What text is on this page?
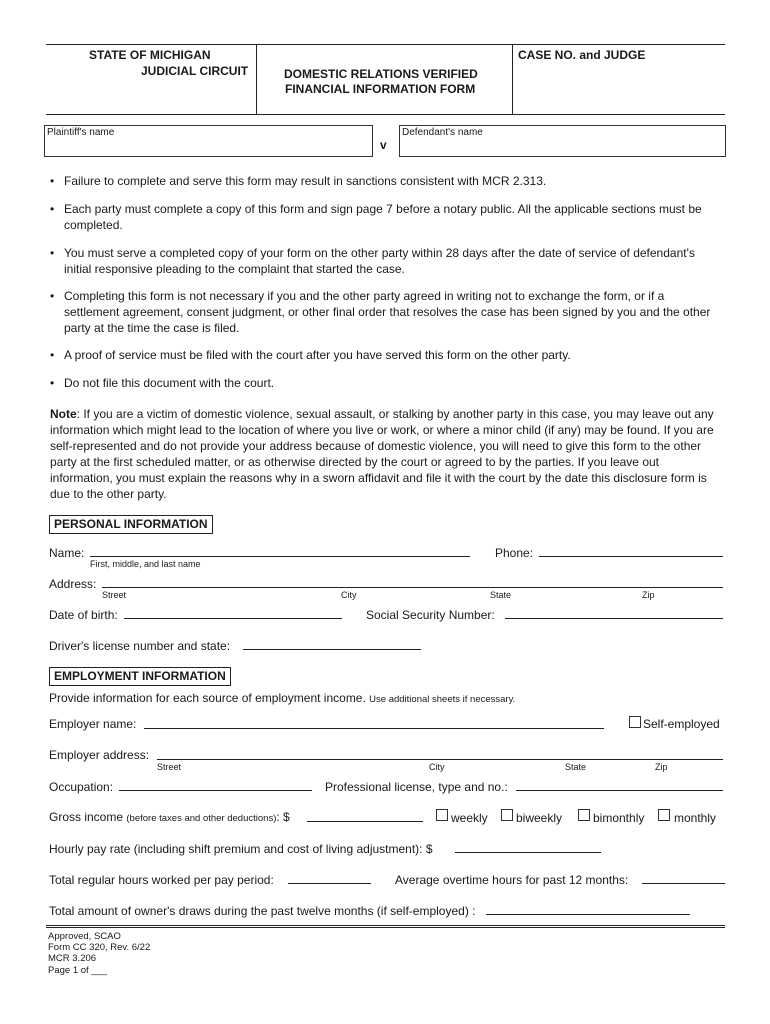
STATE OF MICHIGAN
JUDICIAL CIRCUIT	DOMESTIC RELATIONS VERIFIED
FINANCIAL INFORMATION FORM
CASE NO. and JUDGE
Plaintiff's name
v
Defendant's name
• Failure to complete and serve this form may result in sanctions consistent with MCR 2.313.
• Each party must complete a copy of this form and sign page 7 before a notary public. All the applicable sections must be completed.
• You must serve a completed copy of your form on the other party within 28 days after the date of service of defendant's initial responsive pleading to the complaint that started the case.
• Completing this form is not necessary if you and the other party agreed in writing not to exchange the form, or if a settlement agreement, consent judgment, or other final order that resolves the case has been signed by you and the other party at the time the case is filed.
• A proof of service must be filed with the court after you have served this form on the other party.
• Do not file this document with the court.
Note: If you are a victim of domestic violence, sexual assault, or stalking by another party in this case, you may leave out any information which might lead to the location of where you live or work, or where a minor child (if any) may be found. If you are self-represented and do not provide your address because of domestic violence, you will need to give this form to the other party at the first scheduled matter, or as otherwise directed by the court or agreed to by the parties. If you leave out information, you must explain the reasons why in a sworn affidavit and file it with the court by the date this disclosure form is due to the other party.
PERSONAL INFORMATION
Name:
First, middle, and last name
Phone:
Address:
Street	City	State	Zip
Date of birth:	Social Security Number:
Driver's license number and state:
EMPLOYMENT INFORMATION
Provide information for each source of employment income. Use additional sheets if necessary.
Employer name:	Self-employed
Employer address:
Street	City	State	Zip
Occupation:	Professional license, type and no.:
Gross income (before taxes and other deductions): $	weekly biweekly	bimonthly monthly
Hourly pay rate (including shift premium and cost of living adjustment): $
Total regular hours worked per pay period:	Average overtime hours for past 12 months:
Total amount of owner's draws during the past twelve months (if self-employed) :
Approved, SCAO
Form CC 320, Rev. 6/22
MCR 3.206
Page 1 of ___
